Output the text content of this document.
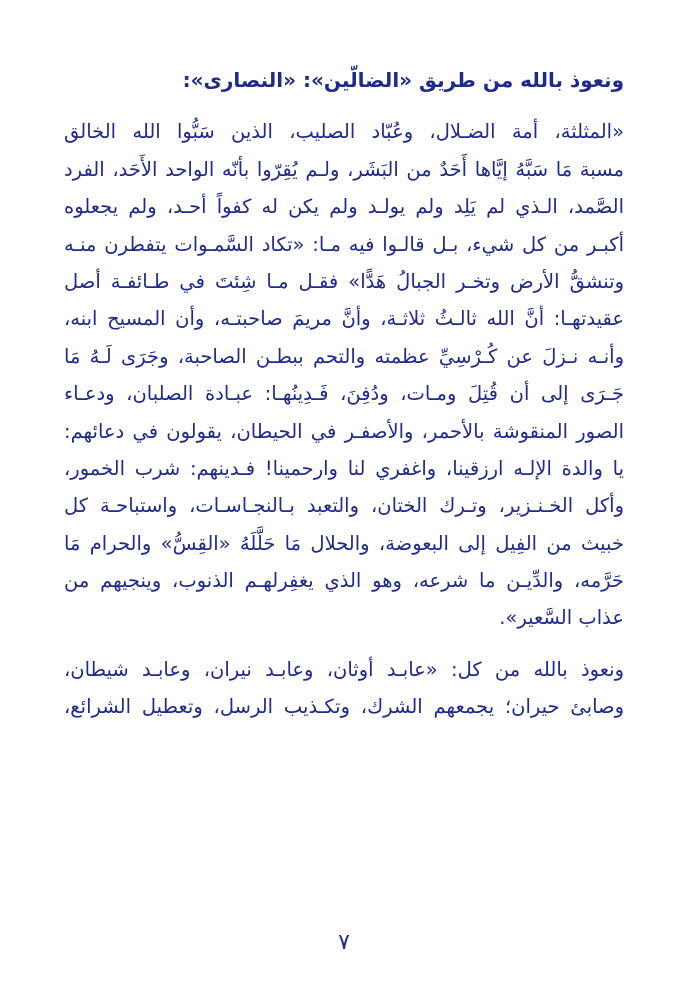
ونعوذ بالله من طريق «الضالّين»: «النصارى»:
«المثلثة، أمة الضـلال، وعُبّاد الصليب، الذين سَبُّوا الله الخالق
مسبة مَا سَبَّهُ إيَّاها أَحَدٌ من البَشَر، ولـم يُقِرّوا بأنّه الواحد الأَحَد، الفرد
الصَّمد، الـذي لم يَلِد ولم يولـد ولم يكن له كفواً أحـد، ولم يجعلوه
أكبـر من كل شيء، بـل قالـوا فيه مـا: «تكاد السَّمـوات يتفطرن منـه
وتنشقُّ الأرض وتخـر الجبالُ هَدًّا» فقـل مـا شِئتَ في طـائفـة أصل
عقيدتهـا: أنَّ الله ثالـثُ ثلاثـة، وأنَّ مريمَ صاحبتـه، وأن المسيح ابنه،
وأنـه نـزلَ عن كُـرْسِيِّ عظمته والتحم ببطـن الصاحبة، وجَرَى لَـهُ مَا
جَـرَى إلى أن قُتِلَ ومـات، ودُفِنَ، فَـدِينُهـا: عبـادة الصلبان، ودعـاء
الصور المنقوشة بالأحمر، والأصفـر في الحيطان، يقولون في دعائهم:
يا والدة الإلـه ارزقينا، واغفري لنا وارحمينا! فـدينهم: شرب الخمور،
وأكل الخـنـزير، وتـرك الختان، والتعبد بـالنجـاسـات، واستباحـة كل
خبيث من الفِيل إلى البعوضة، والحلال مَا حَلَّلَهُ «القِسُّ» والحرام مَا
حَرَّمه، والدِّيـن ما شرعه، وهو الذي يغفِرلهـم الذنوب، وينجيهم من
عذاب السَّعير».
ونعوذ بالله من كل: «عابـد أوثان، وعابـد نيران، وعابـد شيطان،
وصابئ حيران؛ يجمعهم الشرك، وتكـذيب الرسل، وتعطيل الشرائع،
٧
